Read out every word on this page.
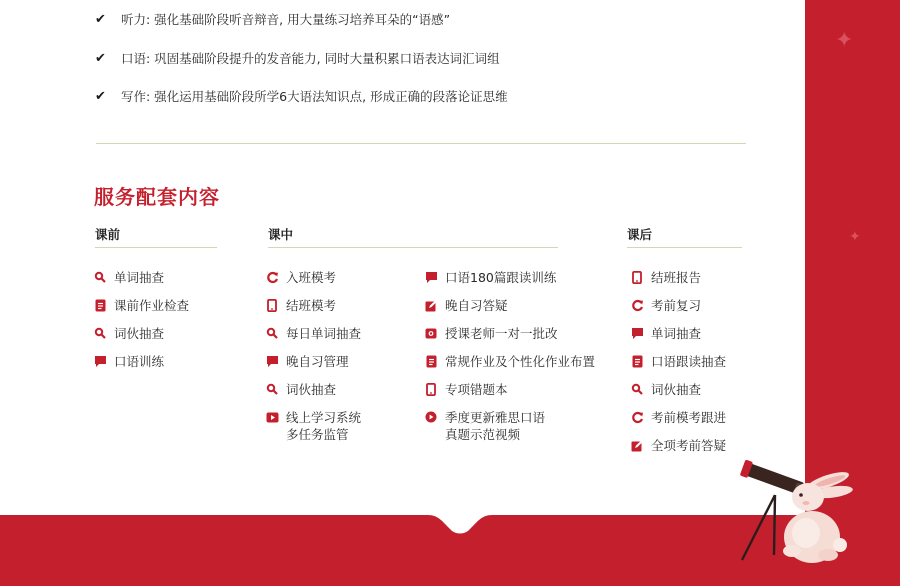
✦
✦
✔	听力: 强化基础阶段听音辩音, 用大量练习培养耳朵的“语感”
✔	口语: 巩固基础阶段提升的发音能力, 同时大量积累口语表达词汇词组
✔	写作: 强化运用基础阶段所学6大语法知识点, 形成正确的段落论证思维
服务配套内容
课前	课中	课后
单词抽查
课前作业检查
词伙抽查
口语训练
入班模考
结班模考
每日单词抽查
晚自习管理
词伙抽查
线上学习系统
多任务监管
口语180篇跟读训练
晚自习答疑
授课老师一对一批改
常规作业及个性化作业布置
专项错题本
季度更新雅思口语
真题示范视频
结班报告
考前复习
单词抽查
口语跟读抽查
词伙抽查
考前模考跟进
全项考前答疑
